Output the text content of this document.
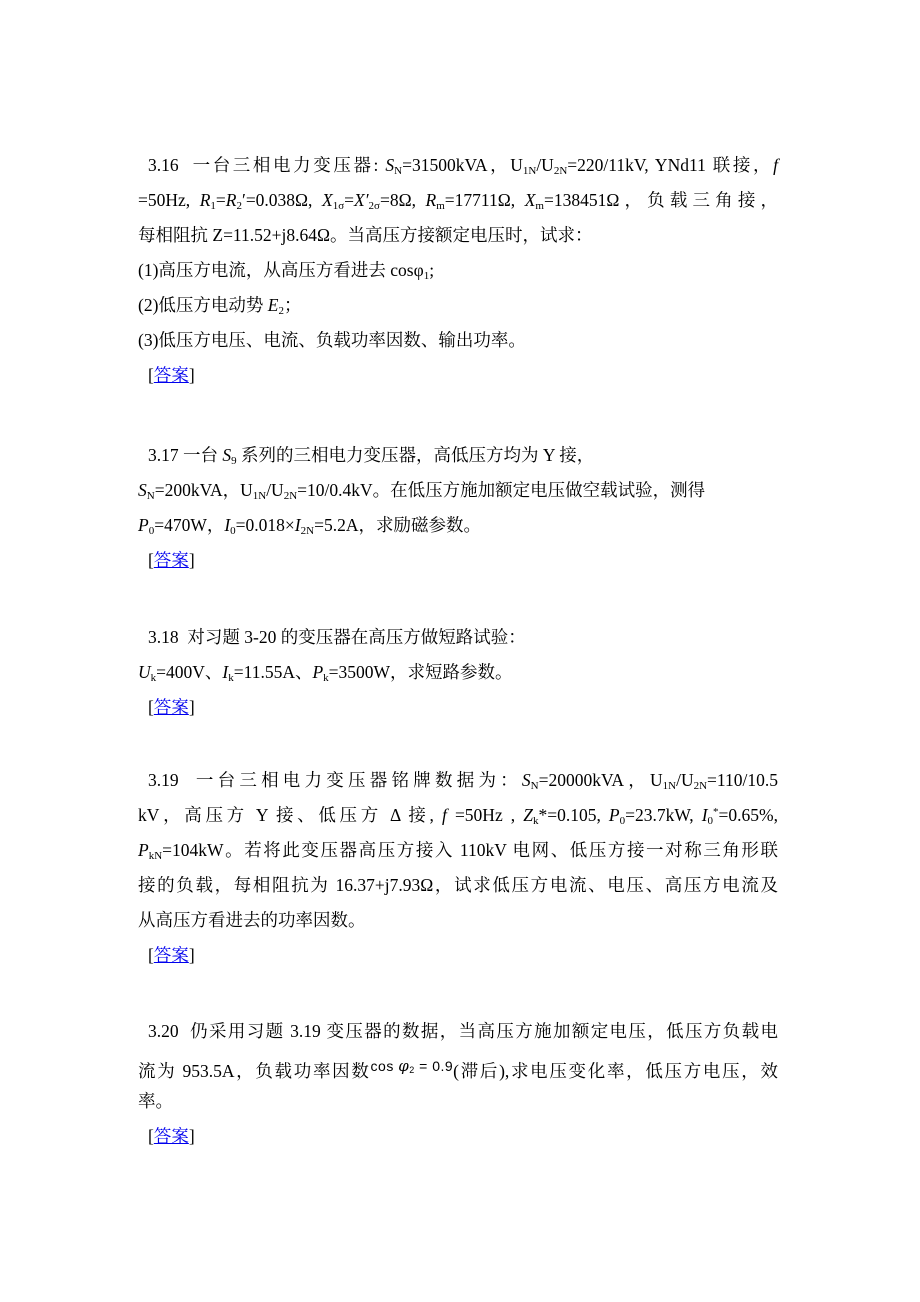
3.16  一台三相电力变压器: $S_N=31500kVA$，$U_{1N}/U_{2N}=220/11kV$, YNd11 联接，f
=50Hz, $R_1=R_2'=0.038\Omega$, $X_{1\sigma}=X'_{2\sigma}=8\Omega$, $R_m=17711\Omega$, $X_m=138451\Omega$，负载三角接，
每相阻抗 Z=11.52+j8.64Ω。当高压方接额定电压时，试求：
(1)高压方电流，从高压方看进去 cosφ$_1$;
(2)低压方电动势 $E_2$；
(3)低压方电压、电流、负载功率因数、输出功率。
[答案]
3.17 一台 $S_9$ 系列的三相电力变压器，高低压方均为 Y 接，
$S_N=200kVA$，$U_{1N}/U_{2N}=10/0.4kV$。在低压方施加额定电压做空载试验，测得
$P_0=470W$，$I_0=0.018\times I_{2N}=5.2A$，求励磁参数。
[答案]
3.18  对习题 3-20 的变压器在高压方做短路试验：
$U_k=400V$、$I_k=11.55A$、$P_k=3500W$，求短路参数。
[答案]
3.19  一台三相电力变压器铭牌数据为：$S_N=20000kVA$，$U_{1N}/U_{2N}=110/10.5$
kV，高压方 Y 接、低压方 Δ 接, f =50Hz , $Z_k*=0.105$, $P_0=23.7kW$, $I_0^*=0.65\%$,
$P_{kN}=104kW$。若将此变压器高压方接入 110kV 电网、低压方接一对称三角形联
接的负载，每相阻抗为 16.37+j7.93Ω，试求低压方电流、电压、高压方电流及
从高压方看进去的功率因数。
[答案]
3.20  仍采用习题 3.19 变压器的数据，当高压方施加额定电压，低压方负载电
流为 953.5A，负载功率因数$\cos \varphi_2 = 0.9$(滞后),求电压变化率，低压方电压，效
率。
[答案]
